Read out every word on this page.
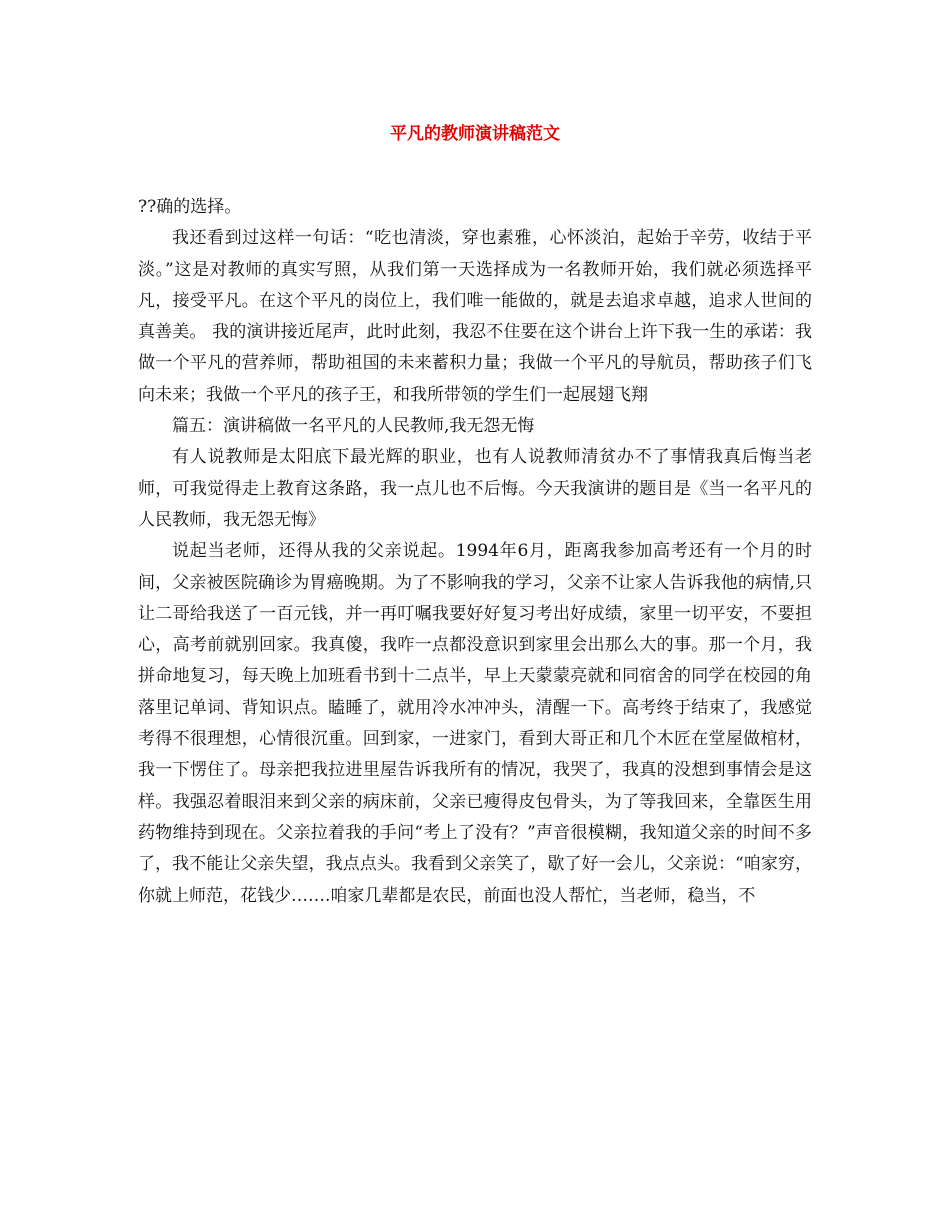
平凡的教师演讲稿范文

??确的选择。

我还看到过这样一句话：“吃也清淡，穿也素雅，心怀淡泊，起始于辛劳，收结于平淡。”这是对教师的真实写照，从我们第一天选择成为一名教师开始，我们就必须选择平凡，接受平凡。在这个平凡的岗位上，我们唯一能做的，就是去追求卓越，追求人世间的真善美。 我的演讲接近尾声，此时此刻，我忍不住要在这个讲台上许下我一生的承诺：我做一个平凡的营养师，帮助祖国的未来蓄积力量；我做一个平凡的导航员，帮助孩子们飞向未来；我做一个平凡的孩子王，和我所带领的学生们一起展翅飞翔

篇五：演讲稿做一名平凡的人民教师,我无怨无悔

有人说教师是太阳底下最光辉的职业，也有人说教师清贫办不了事情我真后悔当老师，可我觉得走上教育这条路，我一点儿也不后悔。今天我演讲的题目是《当一名平凡的人民教师，我无怨无悔》

说起当老师，还得从我的父亲说起。1994年6月，距离我参加高考还有一个月的时间，父亲被医院确诊为胃癌晚期。为了不影响我的学习，父亲不让家人告诉我他的病情,只让二哥给我送了一百元钱，并一再叮嘱我要好好复习考出好成绩，家里一切平安，不要担心，高考前就别回家。我真傻，我咋一点都没意识到家里会出那么大的事。那一个月，我拼命地复习，每天晚上加班看书到十二点半，早上天蒙蒙亮就和同宿舍的同学在校园的角落里记单词、背知识点。瞌睡了，就用冷水冲冲头，清醒一下。高考终于结束了，我感觉考得不很理想，心情很沉重。回到家，一进家门，看到大哥正和几个木匠在堂屋做棺材，我一下愣住了。母亲把我拉进里屋告诉我所有的情况，我哭了，我真的没想到事情会是这样。我强忍着眼泪来到父亲的病床前，父亲已瘦得皮包骨头，为了等我回来，全靠医生用药物维持到现在。父亲拉着我的手问“考上了没有？”声音很模糊，我知道父亲的时间不多了，我不能让父亲失望，我点点头。我看到父亲笑了，歇了好一会儿，父亲说：“咱家穷，你就上师范，花钱少…….咱家几辈都是农民，前面也没人帮忙，当老师，稳当，不
